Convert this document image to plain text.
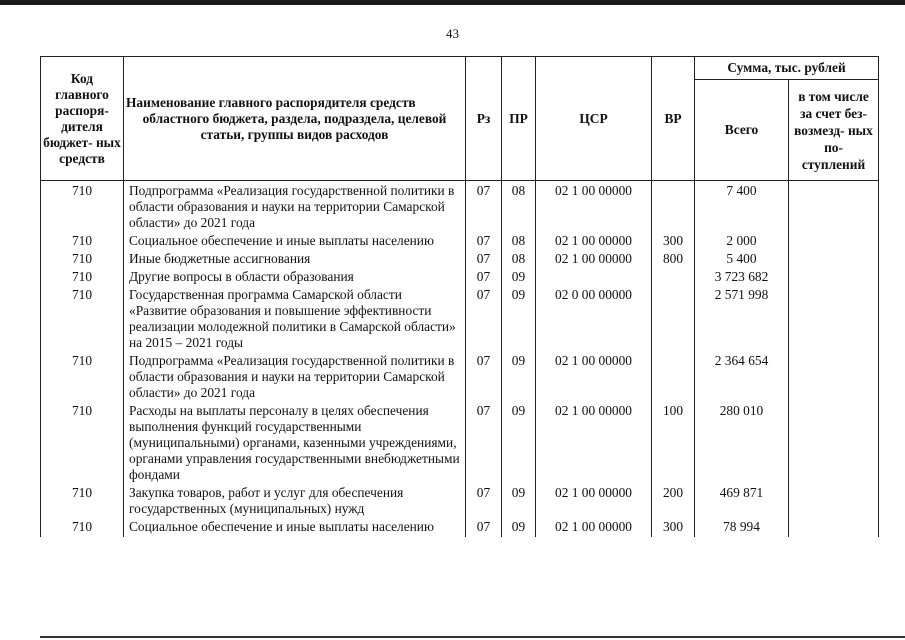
43
Код главного распоря- дителя бюджет- ных средств	Наименование главного распорядителя средств
областного бюджета, раздела, подраздела, целевой статьи, группы видов расходов	Рз	ПР	ЦСР	ВР	Сумма, тыс. рублей	
						Всего	в том числе за счет без- возмезд- ных по- ступлений
710	Подпрограмма «Реализация государственной политики в области образования и науки на территории Самарской области» до 2021 года	07	08	02 1 00 00000		7 400	
710	Социальное обеспечение и иные выплаты населению	07	08	02 1 00 00000	300	2 000	
710	Иные бюджетные ассигнования	07	08	02 1 00 00000	800	5 400	
710	Другие вопросы в области образования	07	09			3 723 682	
710	Государственная программа Самарской области «Развитие образования и повышение эффективности реализации молодежной политики в Самарской области» на 2015 – 2021 годы	07	09	02 0 00 00000		2 571 998	
710	Подпрограмма «Реализация государственной политики в области образования и науки на территории Самарской области» до 2021 года	07	09	02 1 00 00000		2 364 654	
710	Расходы на выплаты персоналу в целях обеспечения выполнения функций государственными (муниципальными) органами, казенными учреждениями, органами управления государственными внебюджетными фондами	07	09	02 1 00 00000	100	280 010	
710	Закупка товаров, работ и услуг для обеспечения государственных (муниципальных) нужд	07	09	02 1 00 00000	200	469 871	
710	Социальное обеспечение и иные выплаты населению	07	09	02 1 00 00000	300	78 994	
